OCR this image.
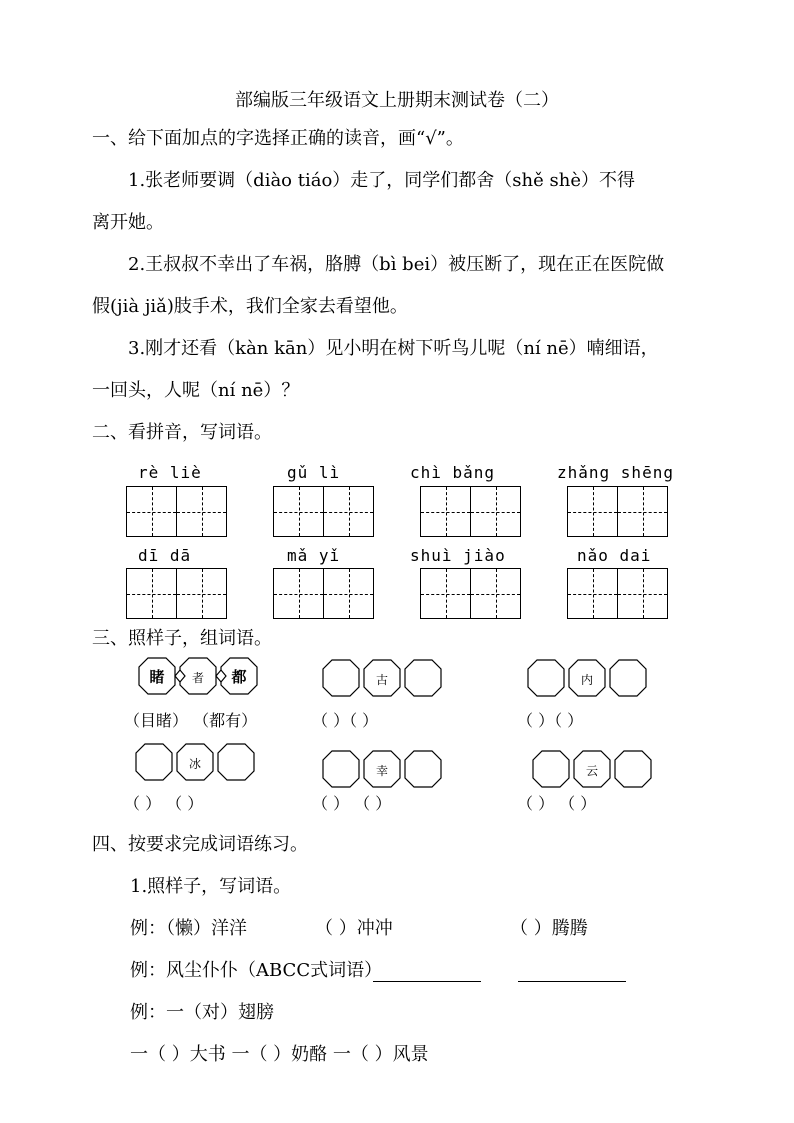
部编版三年级语文上册期末测试卷（二）
一、给下面加点的字选择正确的读音，画“√”。
1.张老师要调（diào tiáo）走了，同学们都舍（shě shè）不得
离开她。
2.王叔叔不幸出了车祸，胳膊（bì bei）被压断了，现在正在医院做
假(jià jiǎ)肢手术，我们全家去看望他。
3.刚才还看（kàn kān）见小明在树下听鸟儿呢（ní nē）喃细语，
一回头，人呢（ní nē）？
二、看拼音，写词语。
rè liè	gǔ lì	chì bǎng	zhǎng shēng
dī dā	mǎ yǐ	shuì jiào	nǎo dai
三、照样子，组词语。
睹 者 都	古	内
（目睹） （都有）	（ ）（ ）	（ ）（ ）
冰	幸	云
（ ） （ ）	（ ） （ ）	（ ） （ ）
四、按要求完成词语练习。
1.照样子，写词语。
例：（懒）洋洋	（ ）冲冲	（ ）腾腾
例：风尘仆仆（ABCC式词语）
例：一（对）翅膀
一（ ）大书 一（ ）奶酪 一（ ）风景
